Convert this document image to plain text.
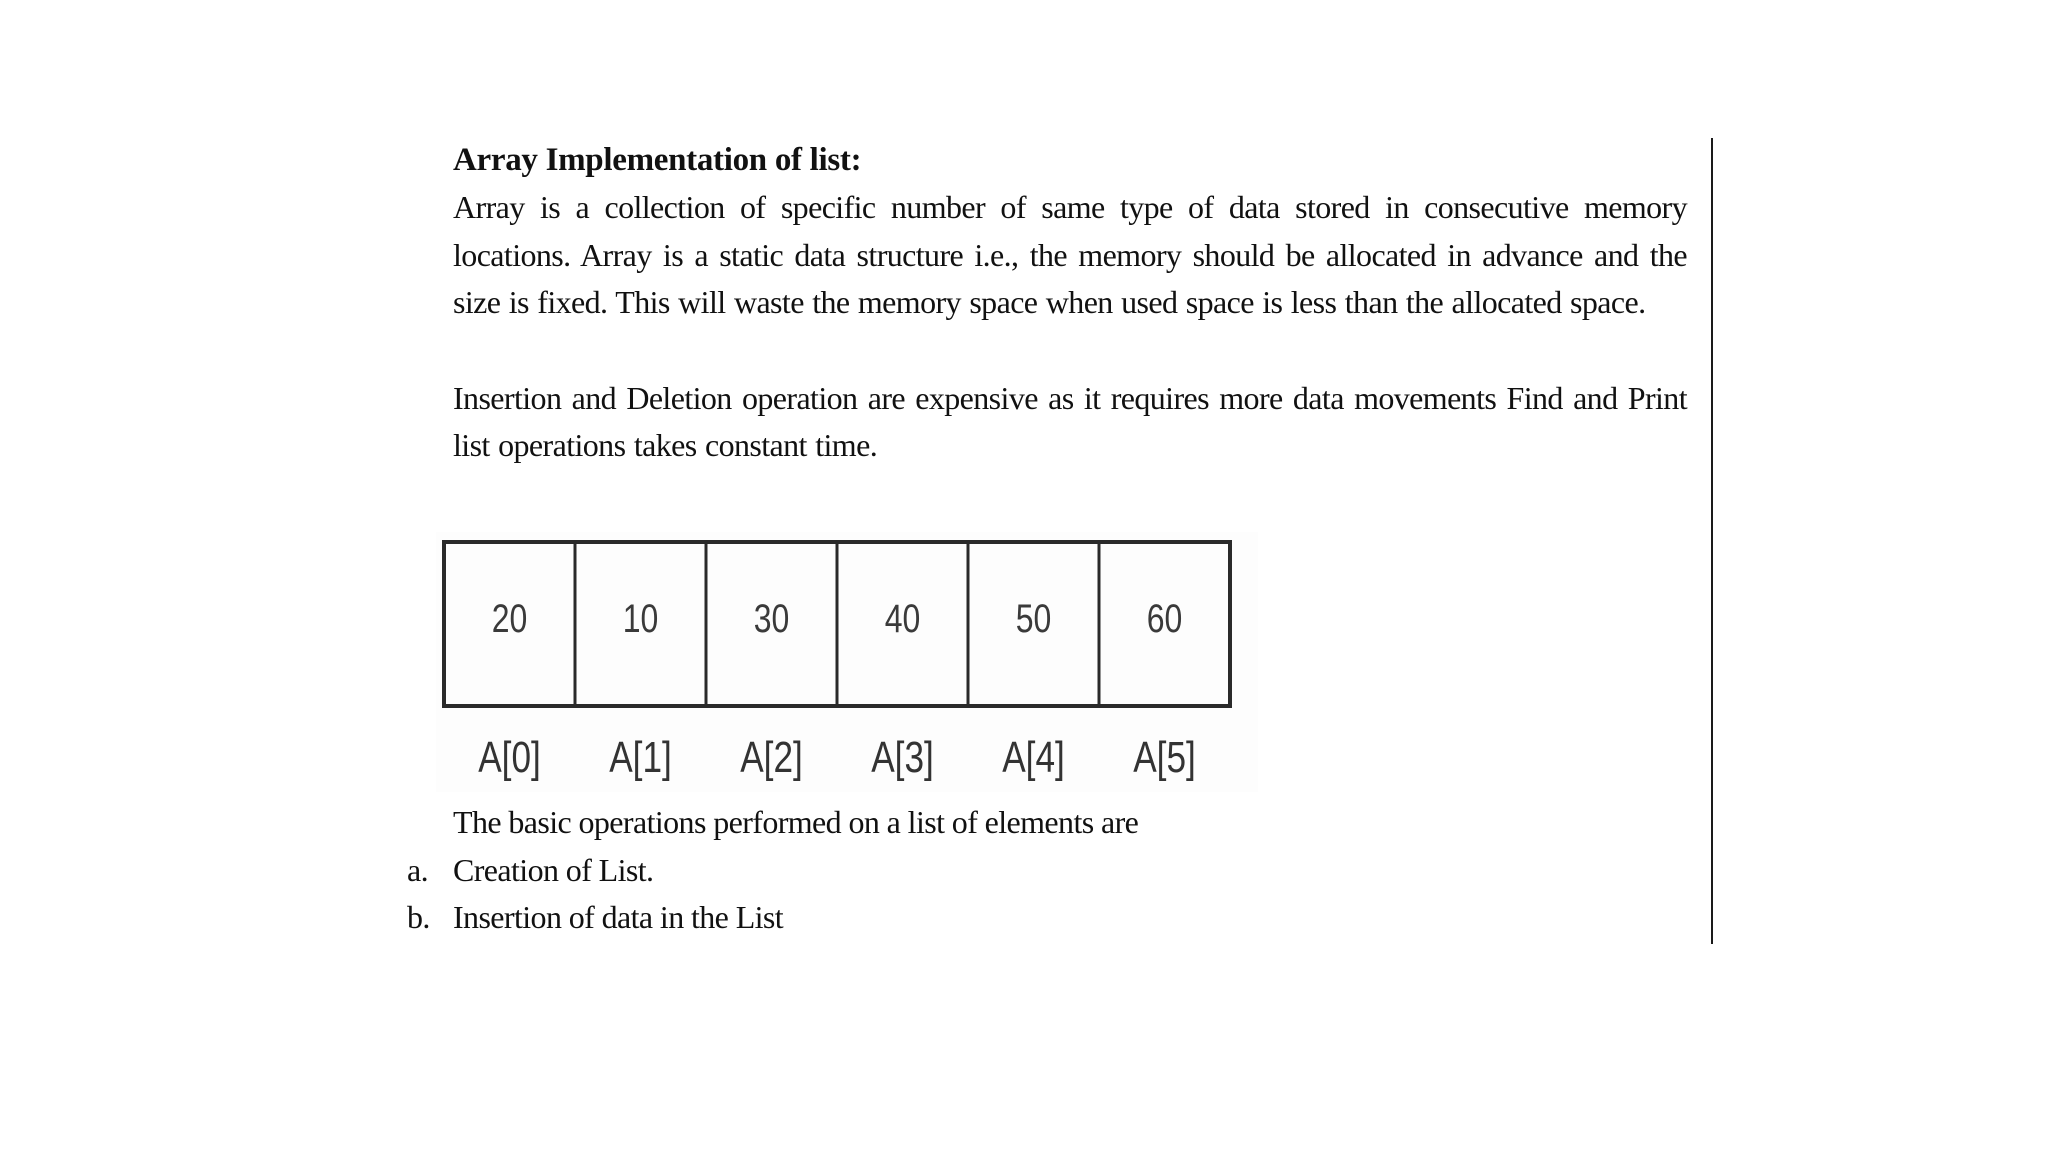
Array Implementation of list:

Array is a collection of specific number of same type of data stored in consecutive memory locations. Array is a static data structure i.e., the memory should be allocated in advance and the size is fixed. This will waste the memory space when used space is less than the allocated space.

Insertion and Deletion operation are expensive as it requires more data movements Find and Print list operations takes constant time.

20
A[0]
10
A[1]
30
A[2]
40
A[3]
50
A[4]
60
A[5]

The basic operations performed on a list of elements are

a. Creation of List.
b. Insertion of data in the List
